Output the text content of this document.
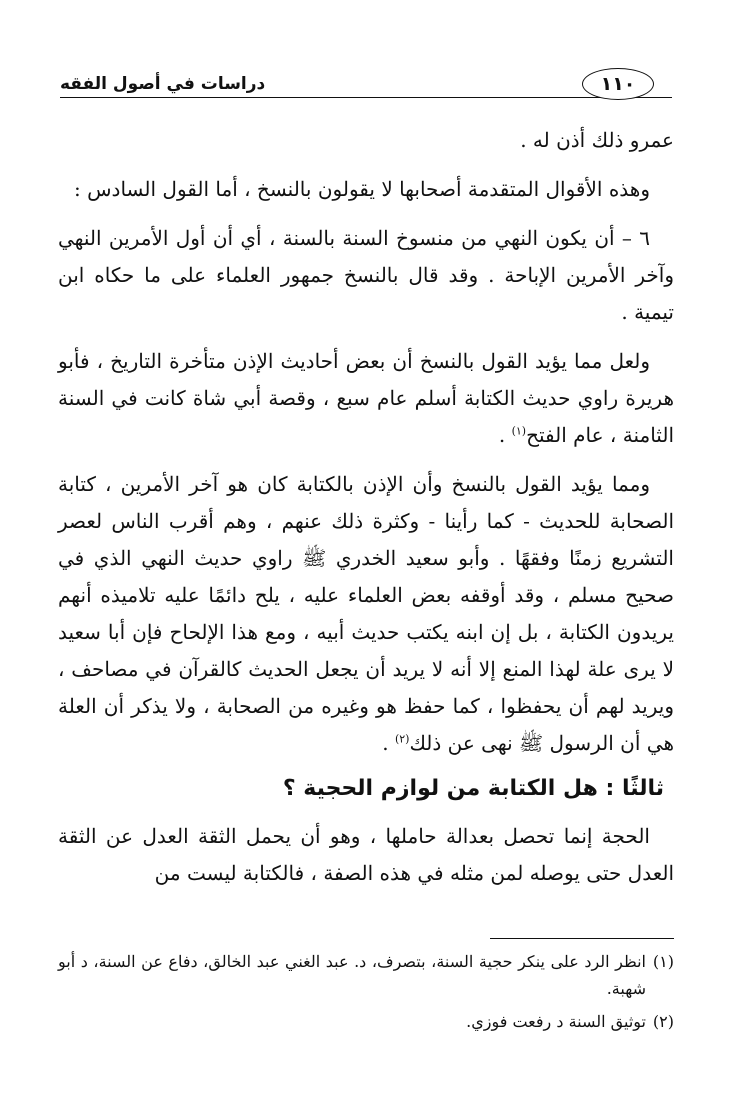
١١٠
دراسات في أصول الفقه

عمرو ذلك أذن له .

وهذه الأقوال المتقدمة أصحابها لا يقولون بالنسخ ، أما القول السادس :

٦ – أن يكون النهي من منسوخ السنة بالسنة ، أي أن أول الأمرين النهي وآخر الأمرين الإباحة . وقد قال بالنسخ جمهور العلماء على ما حكاه ابن تيمية .

ولعل مما يؤيد القول بالنسخ أن بعض أحاديث الإذن متأخرة التاريخ ، فأبو هريرة راوي حديث الكتابة أسلم عام سبع ، وقصة أبي شاة كانت في السنة الثامنة ، عام الفتح$^{(١)}$ .

ومما يؤيد القول بالنسخ وأن الإذن بالكتابة كان هو آخر الأمرين ، كتابة الصحابة للحديث - كما رأينا - وكثرة ذلك عنهم ، وهم أقرب الناس لعصر التشريع زمنًا وفقهًا . وأبو سعيد الخدري ﷺ راوي حديث النهي الذي في صحيح مسلم ، وقد أوقفه بعض العلماء عليه ، يلح دائمًا عليه تلاميذه أنهم يريدون الكتابة ، بل إن ابنه يكتب حديث أبيه ، ومع هذا الإلحاح فإن أبا سعيد لا يرى علة لهذا المنع إلا أنه لا يريد أن يجعل الحديث كالقرآن في مصاحف ، ويريد لهم أن يحفظوا ، كما حفظ هو وغيره من الصحابة ، ولا يذكر أن العلة هي أن الرسول ﷺ نهى عن ذلك$^{(٢)}$ .

ثالثًا : هل الكتابة من لوازم الحجية ؟

الحجة إنما تحصل بعدالة حاملها ، وهو أن يحمل الثقة العدل عن الثقة العدل حتى يوصله لمن مثله في هذه الصفة ، فالكتابة ليست من

(١)
انظر الرد على ينكر حجية السنة، بتصرف، د. عبد الغني عبد الخالق، دفاع عن السنة، د أبو شهبة.

(٢)
توثيق السنة د رفعت فوزي.
